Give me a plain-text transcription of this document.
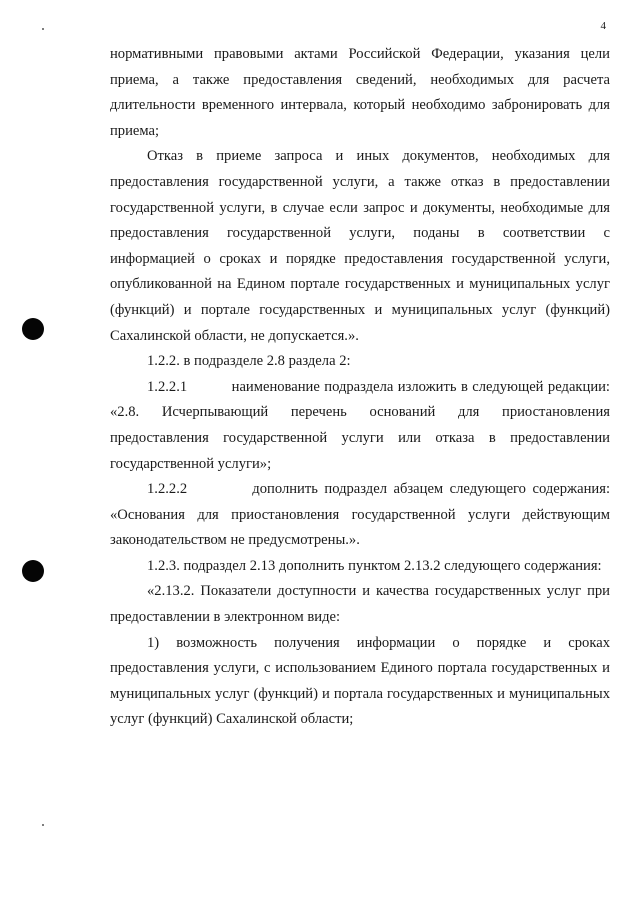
4

нормативными правовыми актами Российской Федерации, указания цели приема, а также предоставления сведений, необходимых для расчета длительности временного интервала, который необходимо забронировать для приема;

Отказ в приеме запроса и иных документов, необходимых для предоставления государственной услуги, а также отказ в предоставлении государственной услуги, в случае если запрос и документы, необходимые для предоставления государственной услуги, поданы в соответствии с информацией о сроках и порядке предоставления государственной услуги, опубликованной на Едином портале государственных и муниципальных услуг (функций) и портале государственных и муниципальных услуг (функций) Сахалинской области, не допускается.».

1.2.2. в подразделе 2.8 раздела 2:

1.2.2.1          наименование подраздела изложить в следующей редакции: «2.8. Исчерпывающий перечень оснований для приостановления предоставления государственной услуги или отказа в предоставлении государственной услуги»;

1.2.2.2          дополнить подраздел абзацем следующего содержания: «Основания для приостановления государственной услуги действующим законодательством не предусмотрены.».

1.2.3. подраздел 2.13 дополнить пунктом 2.13.2 следующего содержания:

«2.13.2. Показатели доступности и качества государственных услуг при предоставлении в электронном виде:

1) возможность получения информации о порядке и сроках предоставления услуги, с использованием Единого портала государственных и муниципальных услуг (функций) и портала государственных и муниципальных услуг (функций) Сахалинской области;
